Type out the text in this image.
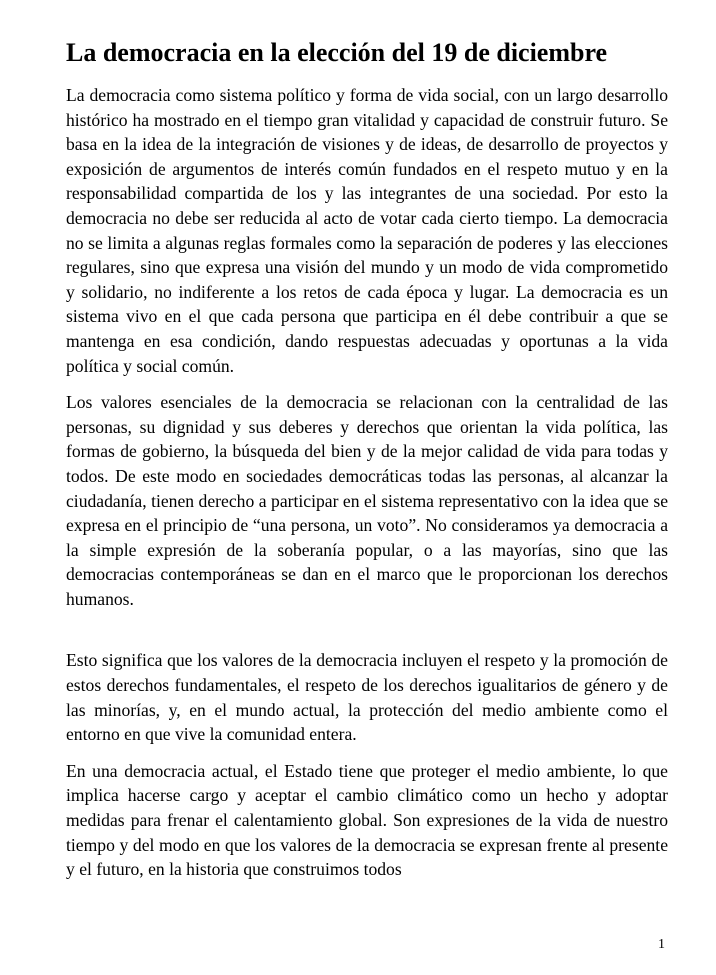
La democracia en la elección del 19 de diciembre

La democracia como sistema político y forma de vida social, con un largo desarrollo histórico ha mostrado en el tiempo gran vitalidad y capacidad de construir futuro. Se basa en la idea de la integración de visiones y de ideas, de desarrollo de proyectos y exposición de argumentos de interés común fundados en el respeto mutuo y en la responsabilidad compartida de los y las integrantes de una sociedad. Por esto la democracia no debe ser reducida al acto de votar cada cierto tiempo. La democracia no se limita a algunas reglas formales como la separación de poderes y las elecciones regulares, sino que expresa una visión del mundo y un modo de vida comprometido y solidario, no indiferente a los retos de cada época y lugar. La democracia es un sistema vivo en el que cada persona que participa en él debe contribuir a que se mantenga en esa condición, dando respuestas adecuadas y oportunas a la vida política y social común.

Los valores esenciales de la democracia se relacionan con la centralidad de las personas, su dignidad y sus deberes y derechos que orientan la vida política, las formas de gobierno, la búsqueda del bien y de la mejor calidad de vida para todas y todos. De este modo en sociedades democráticas todas las personas, al alcanzar la ciudadanía, tienen derecho a participar en el sistema representativo con la idea que se expresa en el principio de “una persona, un voto”. No consideramos ya democracia a la simple expresión de la soberanía popular, o a las mayorías, sino que las democracias contemporáneas se dan en el marco que le proporcionan los derechos humanos.

Esto significa que los valores de la democracia incluyen el respeto y la promoción de estos derechos fundamentales, el respeto de los derechos igualitarios de género y de las minorías, y, en el mundo actual, la protección del medio ambiente como el entorno en que vive la comunidad entera.

En una democracia actual, el Estado tiene que proteger el medio ambiente, lo que implica hacerse cargo y aceptar el cambio climático como un hecho y adoptar medidas para frenar el calentamiento global. Son expresiones de la vida de nuestro tiempo y del modo en que los valores de la democracia se expresan frente al presente y el futuro, en la historia que construimos todos

1
